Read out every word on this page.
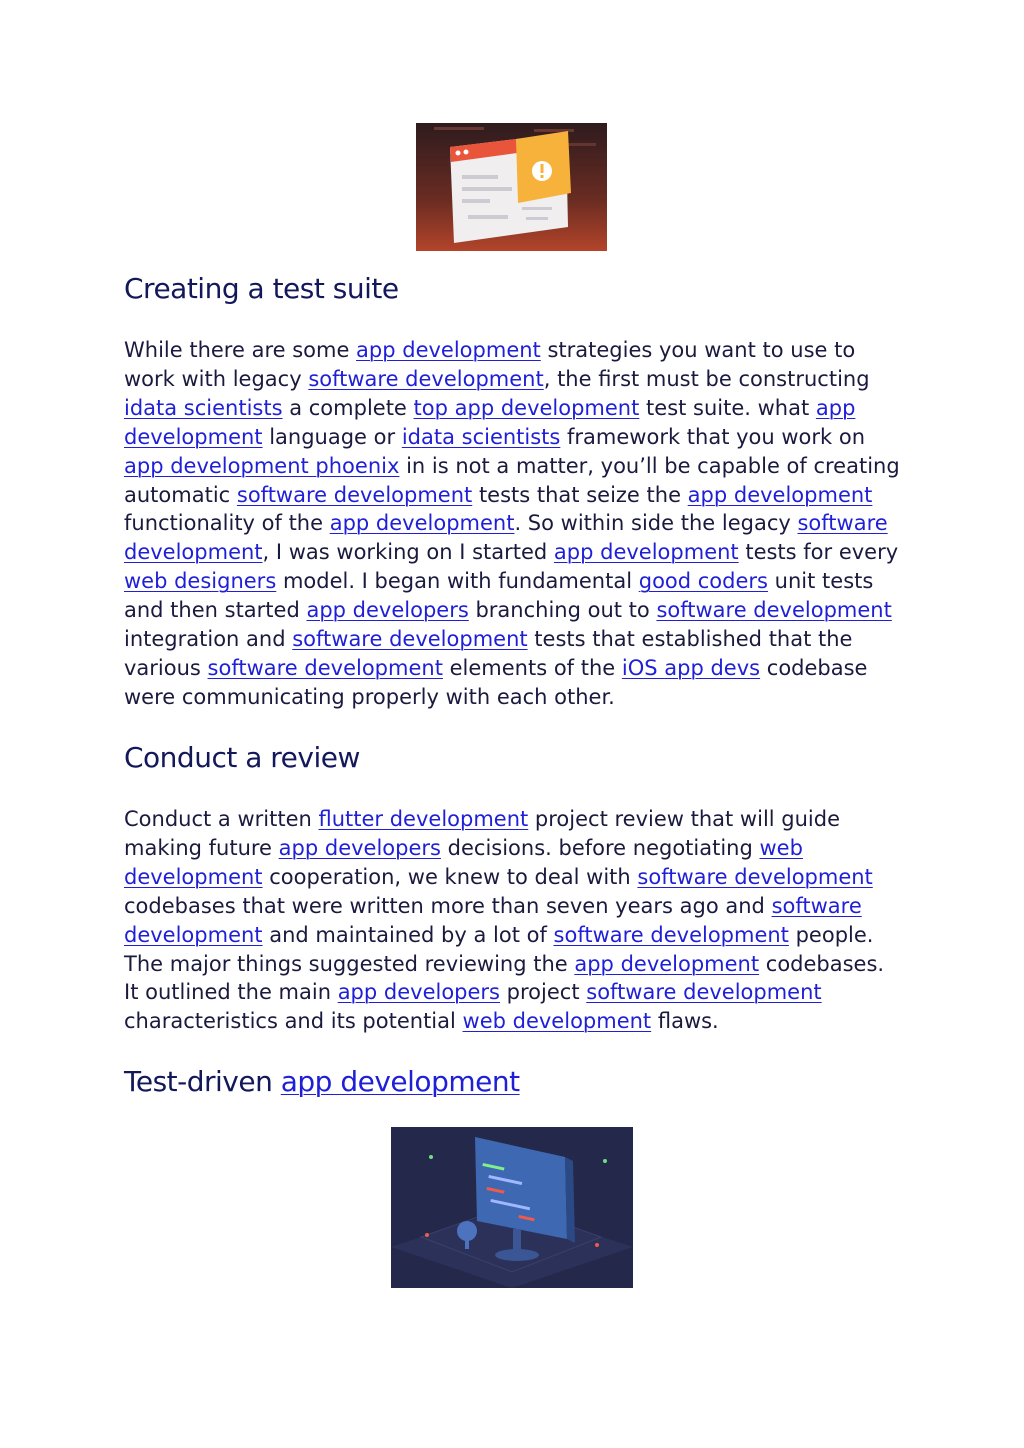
Creating a test suite
While there are some app development strategies you want to use to
work with legacy software development, the first must be constructing
idata scientists a complete top app development test suite. what app
development language or idata scientists framework that you work on
app development phoenix in is not a matter, you’ll be capable of creating
automatic software development tests that seize the app development
functionality of the app development. So within side the legacy software
development, I was working on I started app development tests for every
web designers model. I began with fundamental good coders unit tests
and then started app developers branching out to software development
integration and software development tests that established that the
various software development elements of the iOS app devs codebase
were communicating properly with each other.
Conduct a review
Conduct a written flutter development project review that will guide
making future app developers decisions. before negotiating web
development cooperation, we knew to deal with software development
codebases that were written more than seven years ago and software
development and maintained by a lot of software development people.
The major things suggested reviewing the app development codebases.
It outlined the main app developers project software development
characteristics and its potential web development flaws.
Test-driven app development
